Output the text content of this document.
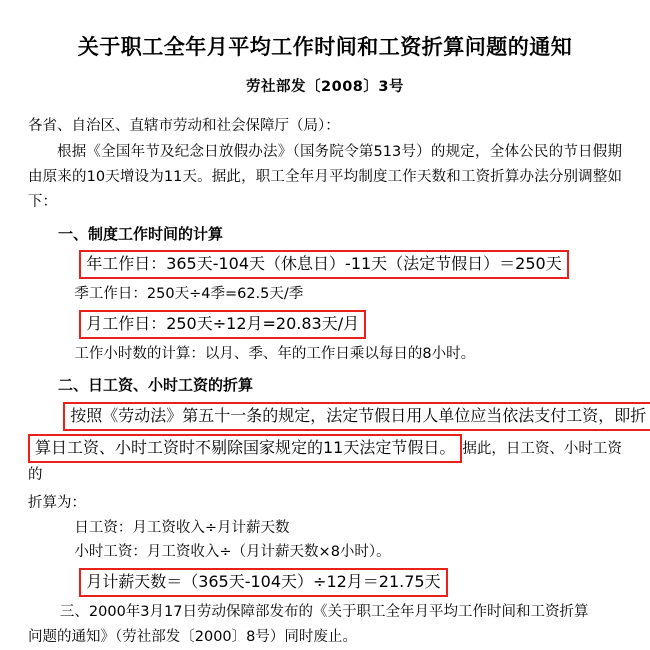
关于职工全年月平均工作时间和工资折算问题的通知
劳社部发〔2008〕3号

各省、自治区、直辖市劳动和社会保障厅（局）：

根据《全国年节及纪念日放假办法》（国务院令第513号）的规定，全体公民的节日假期由原来的10天增设为11天。据此，职工全年月平均制度工作天数和工资折算办法分别调整如下：

一、制度工作时间的计算
年工作日：365天-104天（休息日）-11天（法定节假日）＝250天
季工作日：250天÷4季=62.5天/季
月工作日：250天÷12月=20.83天/月
工作小时数的计算：以月、季、年的工作日乘以每日的8小时。
二、日工资、小时工资的折算
按照《劳动法》第五十一条的规定，法定节假日用人单位应当依法支付工资，即折
算日工资、小时工资时不剔除国家规定的11天法定节假日。 据此，日工资、小时工资的
折算为：
日工资：月工资收入÷月计薪天数
小时工资：月工资收入÷（月计薪天数×8小时）。
月计薪天数＝（365天-104天）÷12月＝21.75天
三、2000年3月17日劳动保障部发布的《关于职工全年月平均工作时间和工资折算
问题的通知》（劳社部发〔2000〕8号）同时废止。
